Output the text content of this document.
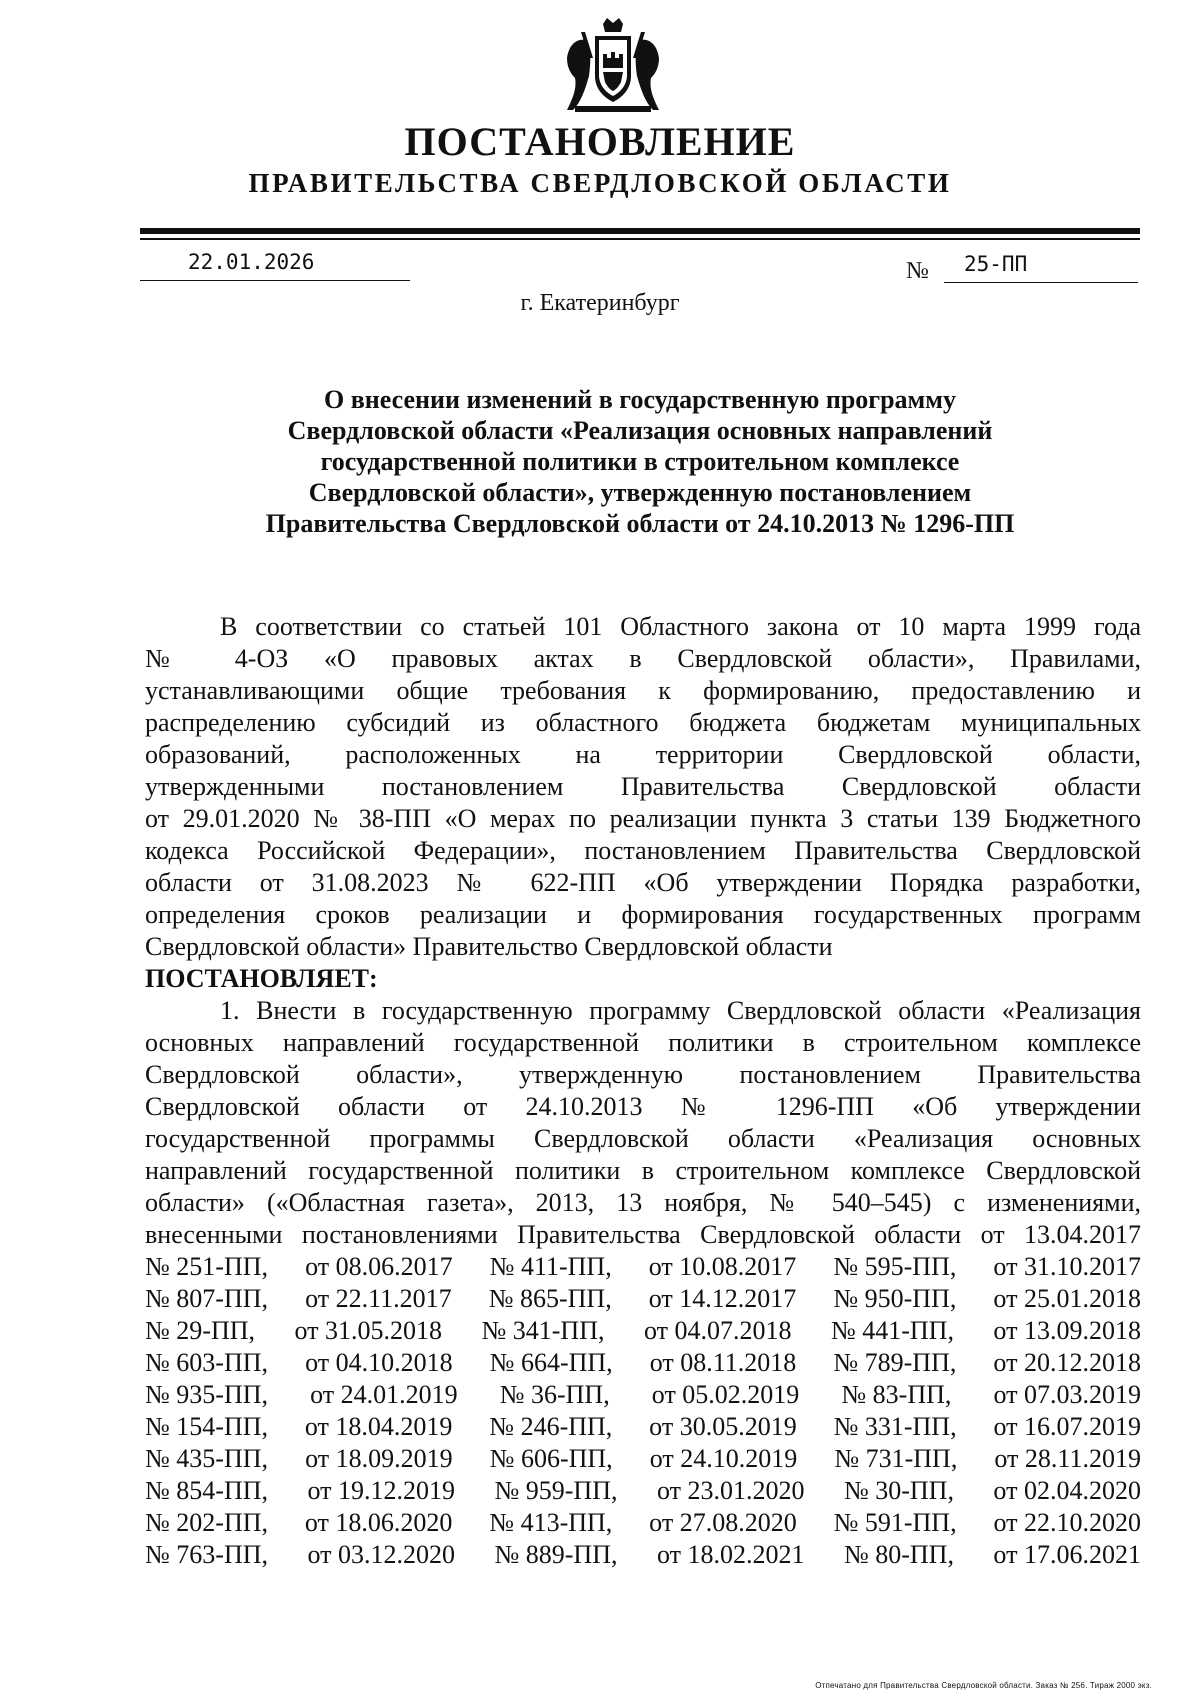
ПОСТАНОВЛЕНИЕ
ПРАВИТЕЛЬСТВА СВЕРДЛОВСКОЙ ОБЛАСТИ
22.01.2026	№ 25-ПП
г. Екатеринбург
О внесении изменений в государственную программу
Свердловской области «Реализация основных направлений
государственной политики в строительном комплексе
Свердловской области», утвержденную постановлением
Правительства Свердловской области от 24.10.2013 № 1296-ПП

В соответствии со статьей 101 Областного закона от 10 марта 1999 года

№ 4-ОЗ «О правовых актах в Свердловской области», Правилами,

устанавливающими общие требования к формированию, предоставлению и

распределению субсидий из областного бюджета бюджетам муниципальных

образований, расположенных на территории Свердловской области,

утвержденными постановлением Правительства Свердловской области

от 29.01.2020 № 38-ПП «О мерах по реализации пункта 3 статьи 139 Бюджетного

кодекса Российской Федерации», постановлением Правительства Свердловской

области от 31.08.2023 № 622-ПП «Об утверждении Порядка разработки,

определения сроков реализации и формирования государственных программ

Свердловской области» Правительство Свердловской области

ПОСТАНОВЛЯЕТ:

1. Внести в государственную программу Свердловской области «Реализация

основных направлений государственной политики в строительном комплексе

Свердловской области», утвержденную постановлением Правительства

Свердловской области от 24.10.2013 № 1296-ПП «Об утверждении

государственной программы Свердловской области «Реализация основных

направлений государственной политики в строительном комплексе Свердловской

области» («Областная газета», 2013, 13 ноября, № 540–545) с изменениями,

внесенными постановлениями Правительства Свердловской области от 13.04.2017

№ 251-ПП, от 08.06.2017 № 411-ПП, от 10.08.2017 № 595-ПП, от 31.10.2017
№ 807-ПП, от 22.11.2017 № 865-ПП, от 14.12.2017 № 950-ПП, от 25.01.2018
№ 29-ПП, от 31.05.2018 № 341-ПП, от 04.07.2018 № 441-ПП, от 13.09.2018
№ 603-ПП, от 04.10.2018 № 664-ПП, от 08.11.2018 № 789-ПП, от 20.12.2018
№ 935-ПП, от 24.01.2019 № 36-ПП, от 05.02.2019 № 83-ПП, от 07.03.2019
№ 154-ПП, от 18.04.2019 № 246-ПП, от 30.05.2019 № 331-ПП, от 16.07.2019
№ 435-ПП, от 18.09.2019 № 606-ПП, от 24.10.2019 № 731-ПП, от 28.11.2019
№ 854-ПП, от 19.12.2019 № 959-ПП, от 23.01.2020 № 30-ПП, от 02.04.2020
№ 202-ПП, от 18.06.2020 № 413-ПП, от 27.08.2020 № 591-ПП, от 22.10.2020
№ 763-ПП, от 03.12.2020 № 889-ПП, от 18.02.2021 № 80-ПП, от 17.06.2021
Отпечатано для Правительства Свердловской области. Заказ № 256. Тираж 2000 экз.
